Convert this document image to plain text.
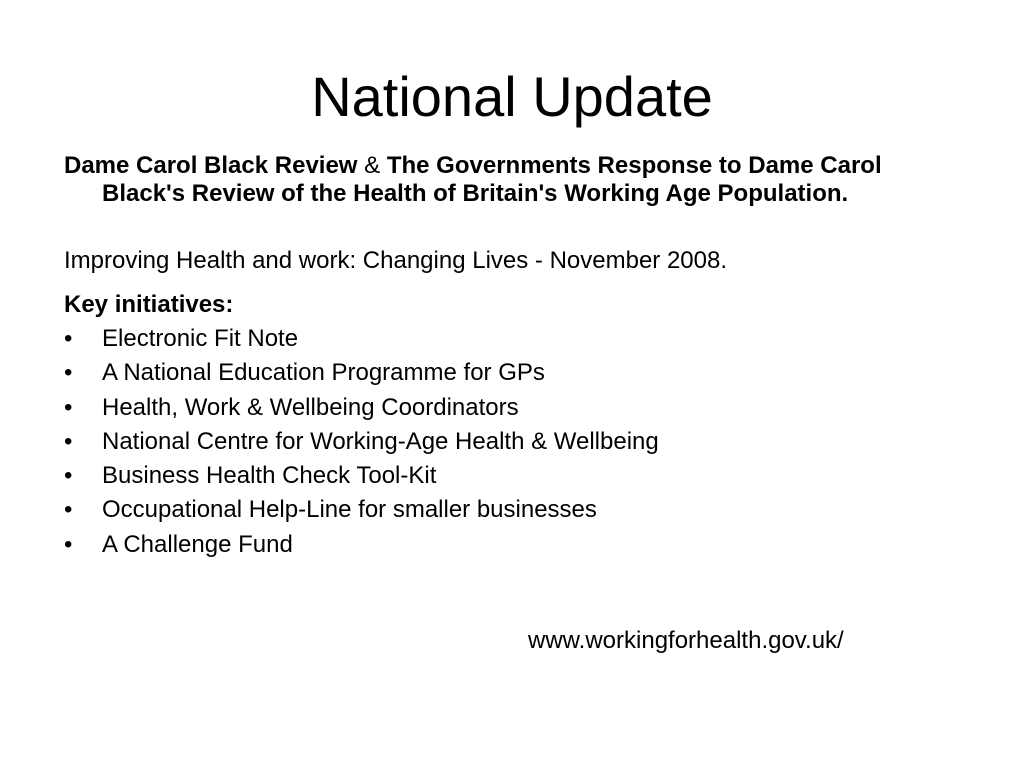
National Update

Dame Carol Black Review & The Governments Response to Dame Carol Black's Review of the Health of Britain's Working Age Population.

Improving Health and work: Changing Lives - November 2008.

Key initiatives:

•	Electronic Fit Note
•	A National Education Programme for GPs
•	Health, Work & Wellbeing Coordinators
•	National Centre for Working-Age Health & Wellbeing
•	Business Health Check Tool-Kit
•	Occupational Help-Line for smaller businesses
•	A Challenge Fund
www.workingforhealth.gov.uk/
